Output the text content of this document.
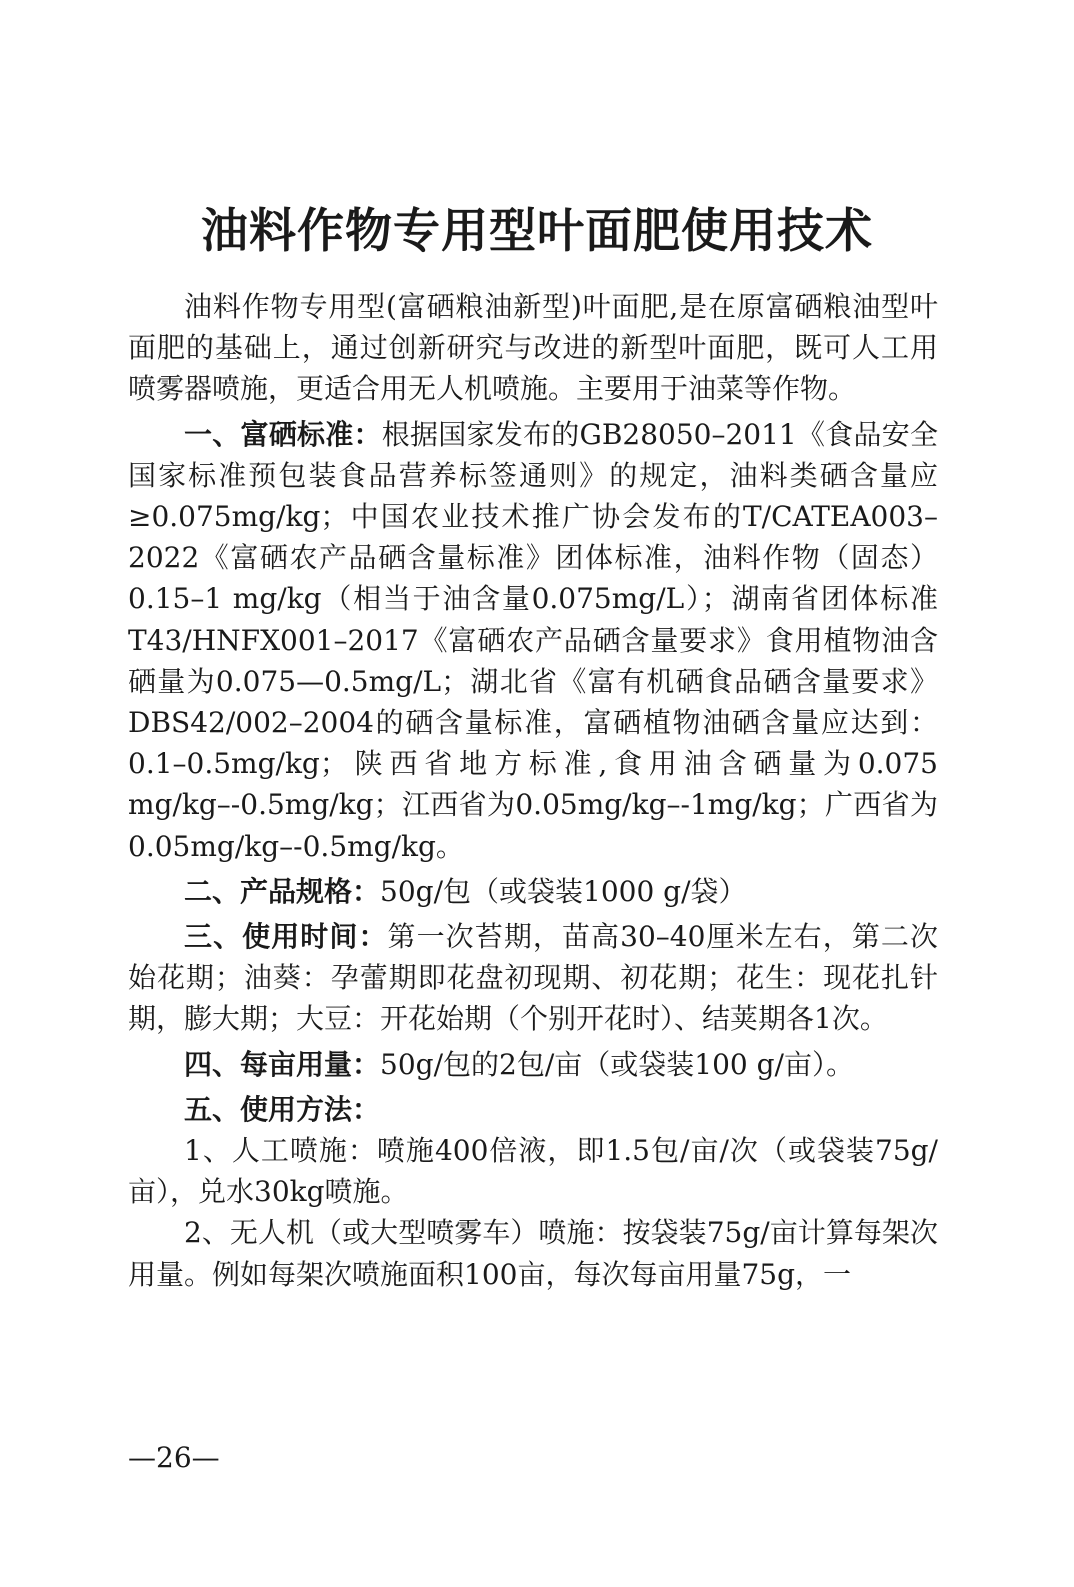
油料作物专用型叶面肥使用技术

油料作物专用型(富硒粮油新型)叶面肥,是在原富硒粮油型叶面肥的基础上，通过创新研究与改进的新型叶面肥，既可人工用喷雾器喷施，更适合用无人机喷施。主要用于油菜等作物。

一、富硒标准：根据国家发布的GB28050–2011《食品安全国家标准预包装食品营养标签通则》的规定，油料类硒含量应≥0.075mg/kg；中国农业技术推广协会发布的T/CATEA003–2022《富硒农产品硒含量标准》团体标准，油料作物（固态）0.15–1 mg/kg（相当于油含量0.075mg/L）；湖南省团体标准T43/HNFX001–2017《富硒农产品硒含量要求》食用植物油含硒量为0.075—0.5mg/L；湖北省《富有机硒食品硒含量要求》DBS42/002–2004的硒含量标准，富硒植物油硒含量应达到：0.1–0.5mg/kg；陕西省地方标准,食用油含硒量为0.075 mg/kg–-0.5mg/kg；江西省为0.05mg/kg–-1mg/kg；广西省为0.05mg/kg–-0.5mg/kg。

二、产品规格：50g/包（或袋装1000 g/袋）

三、使用时间：第一次苔期，苗高30–40厘米左右，第二次始花期；油葵：孕蕾期即花盘初现期、初花期；花生：现花扎针期，膨大期；大豆：开花始期（个别开花时）、结荚期各1次。

四、每亩用量：50g/包的2包/亩（或袋装100 g/亩）。

五、使用方法：

1、人工喷施：喷施400倍液，即1.5包/亩/次（或袋装75g/亩），兑水30kg喷施。

2、无人机（或大型喷雾车）喷施：按袋装75g/亩计算每架次用量。例如每架次喷施面积100亩，每次每亩用量75g，一

—26—
